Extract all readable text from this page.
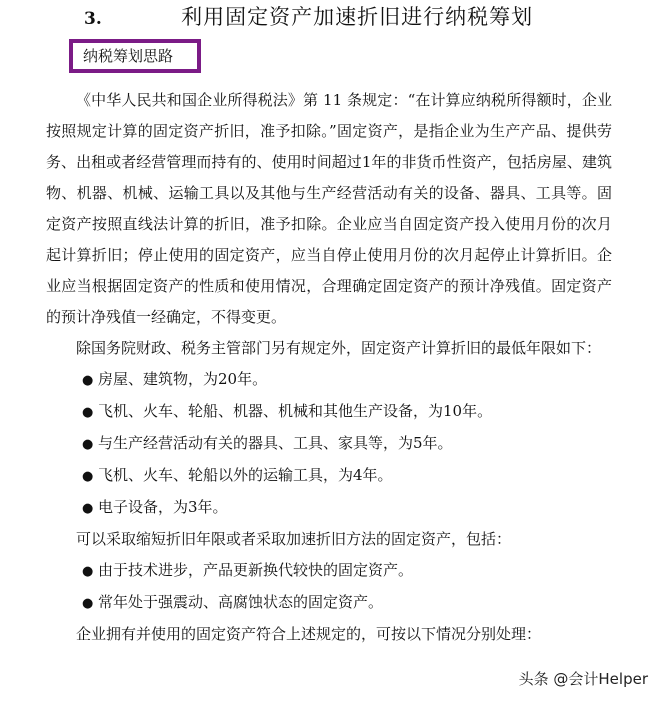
3.	利用固定资产加速折旧进行纳税筹划
纳税筹划思路

《中华人民共和国企业所得税法》第 11 条规定：“在计算应纳税所得额时，企业按照规定计算的固定资产折旧，准予扣除。”固定资产，是指企业为生产产品、提供劳务、出租或者经营管理而持有的、使用时间超过1年的非货币性资产，包括房屋、建筑物、机器、机械、运输工具以及其他与生产经营活动有关的设备、器具、工具等。固定资产按照直线法计算的折旧，准予扣除。企业应当自固定资产投入使用月份的次月起计算折旧；停止使用的固定资产，应当自停止使用月份的次月起停止计算折旧。企业应当根据固定资产的性质和使用情况，合理确定固定资产的预计净残值。固定资产的预计净残值一经确定，不得变更。

除国务院财政、税务主管部门另有规定外，固定资产计算折旧的最低年限如下：

● 房屋、建筑物，为20年。
● 飞机、火车、轮船、机器、机械和其他生产设备，为10年。
● 与生产经营活动有关的器具、工具、家具等，为5年。
● 飞机、火车、轮船以外的运输工具，为4年。
● 电子设备，为3年。

可以采取缩短折旧年限或者采取加速折旧方法的固定资产，包括：

● 由于技术进步，产品更新换代较快的固定资产。
● 常年处于强震动、高腐蚀状态的固定资产。

企业拥有并使用的固定资产符合上述规定的，可按以下情况分别处理：

头条 @会计Helper
